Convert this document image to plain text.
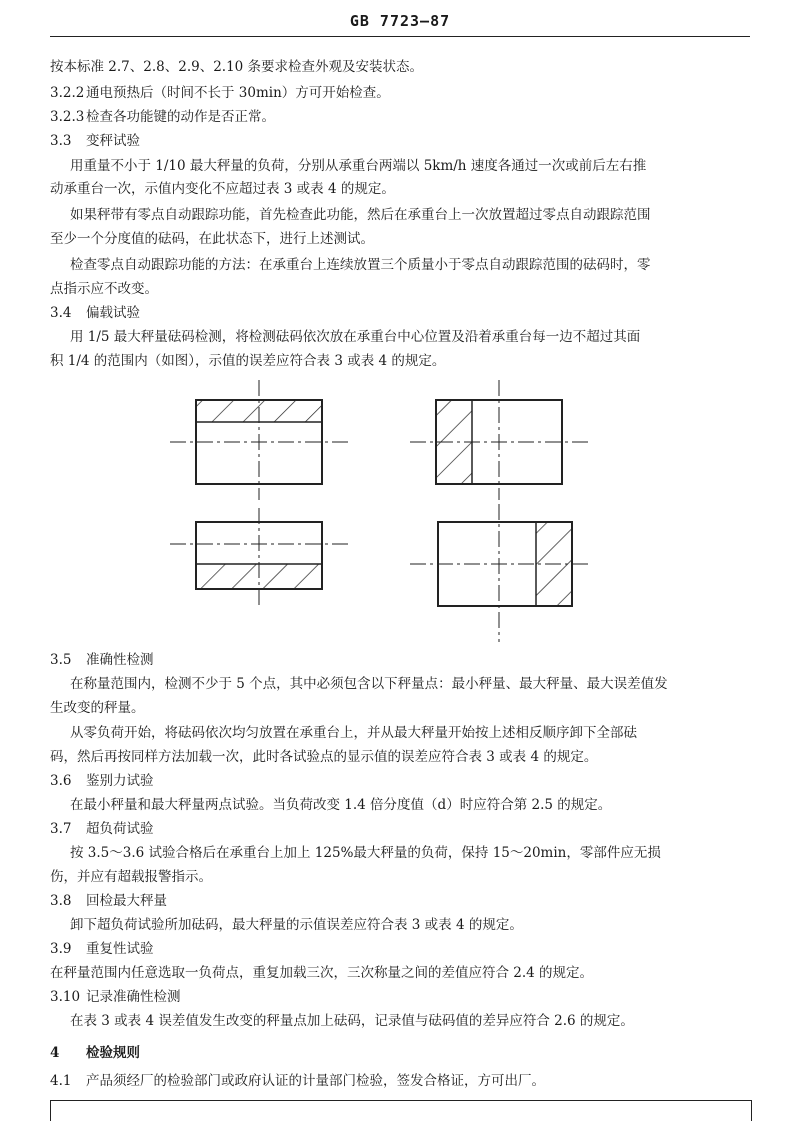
GB 7723—87
按本标准 2.7、2.8、2.9、2.10 条要求检查外观及安装状态。
3.2.2 通电预热后（时间不长于 30min）方可开始检查。
3.2.3 检查各功能键的动作是否正常。
3.3 变秤试验
用重量不小于 1/10 最大秤量的负荷，分别从承重台两端以 5km/h 速度各通过一次或前后左右推
动承重台一次，示值内变化不应超过表 3 或表 4 的规定。
如果秤带有零点自动跟踪功能，首先检查此功能，然后在承重台上一次放置超过零点自动跟踪范围
至少一个分度值的砝码，在此状态下，进行上述测试。
检查零点自动跟踪功能的方法：在承重台上连续放置三个质量小于零点自动跟踪范围的砝码时，零
点指示应不改变。
3.4 偏载试验
用 1/5 最大秤量砝码检测，将检测砝码依次放在承重台中心位置及沿着承重台每一边不超过其面
积 1/4 的范围内（如图），示值的误差应符合表 3 或表 4 的规定。
3.5 准确性检测
在称量范围内，检测不少于 5 个点，其中必须包含以下秤量点：最小秤量、最大秤量、最大误差值发
生改变的秤量。
从零负荷开始，将砝码依次均匀放置在承重台上，并从最大秤量开始按上述相反顺序卸下全部砝
码，然后再按同样方法加载一次，此时各试验点的显示值的误差应符合表 3 或表 4 的规定。
3.6 鉴别力试验
在最小秤量和最大秤量两点试验。当负荷改变 1.4 倍分度值（d）时应符合第 2.5 的规定。
3.7 超负荷试验
按 3.5～3.6 试验合格后在承重台上加上 125%最大秤量的负荷，保持 15～20min，零部件应无损
伤，并应有超载报警指示。
3.8 回检最大秤量
卸下超负荷试验所加砝码，最大秤量的示值误差应符合表 3 或表 4 的规定。
3.9 重复性试验
在秤量范围内任意选取一负荷点，重复加载三次，三次称量之间的差值应符合 2.4 的规定。
3.10 记录准确性检测
在表 3 或表 4 误差值发生改变的秤量点加上砝码，记录值与砝码值的差异应符合 2.6 的规定。
4 检验规则
4.1 产品须经厂的检验部门或政府认证的计量部门检验，签发合格证，方可出厂。
